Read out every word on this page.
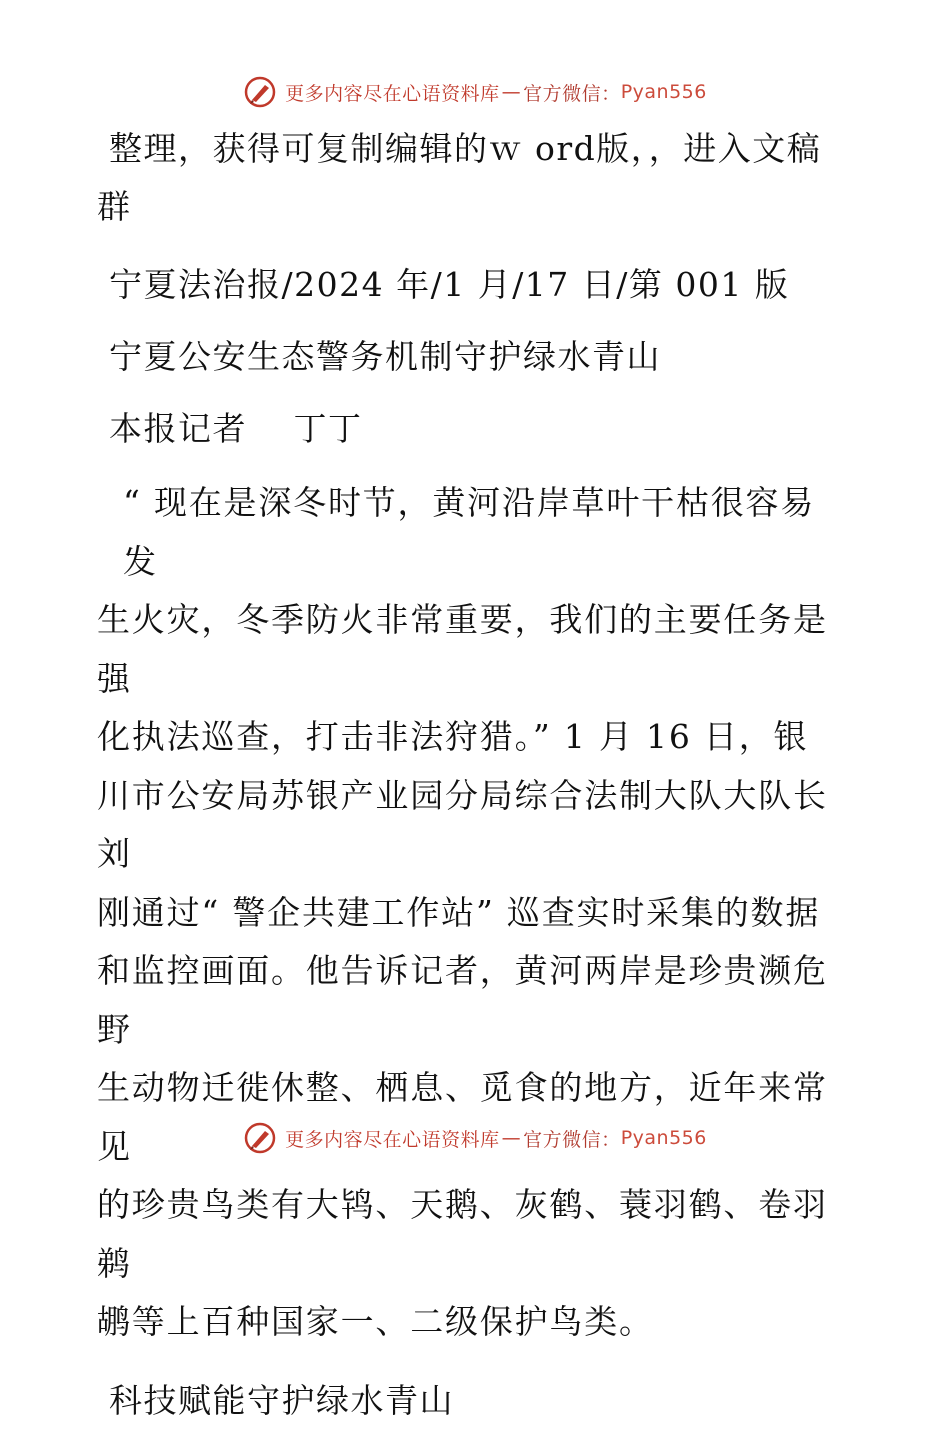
更多内容尽在心语资料库 — 官方微信： Pyan556
整理，获得可复制编辑的ｗ ord版，，进入文稿
群
宁夏法治报/2024 年/1 月/17 日/第 001 版
宁夏公安生态警务机制守护绿水青山
本报记者　 丁丁
“ 现在是深冬时节，黄河沿岸草叶干枯很容易发
生火灾，冬季防火非常重要，我们的主要任务是强
化执法巡查，打击非法狩猎。” 1 月 16 日，银
川市公安局苏银产业园分局综合法制大队大队长刘
刚通过“ 警企共建工作站” 巡查实时采集的数据
和监控画面。他告诉记者，黄河两岸是珍贵濒危野
生动物迁徙休整、栖息、觅食的地方，近年来常见
的珍贵鸟类有大鸨、天鹅、灰鹤、蓑羽鹤、卷羽鹈
鹕等上百种国家一、二级保护鸟类。
科技赋能守护绿水青山
更多内容尽在心语资料库 — 官方微信： Pyan556
